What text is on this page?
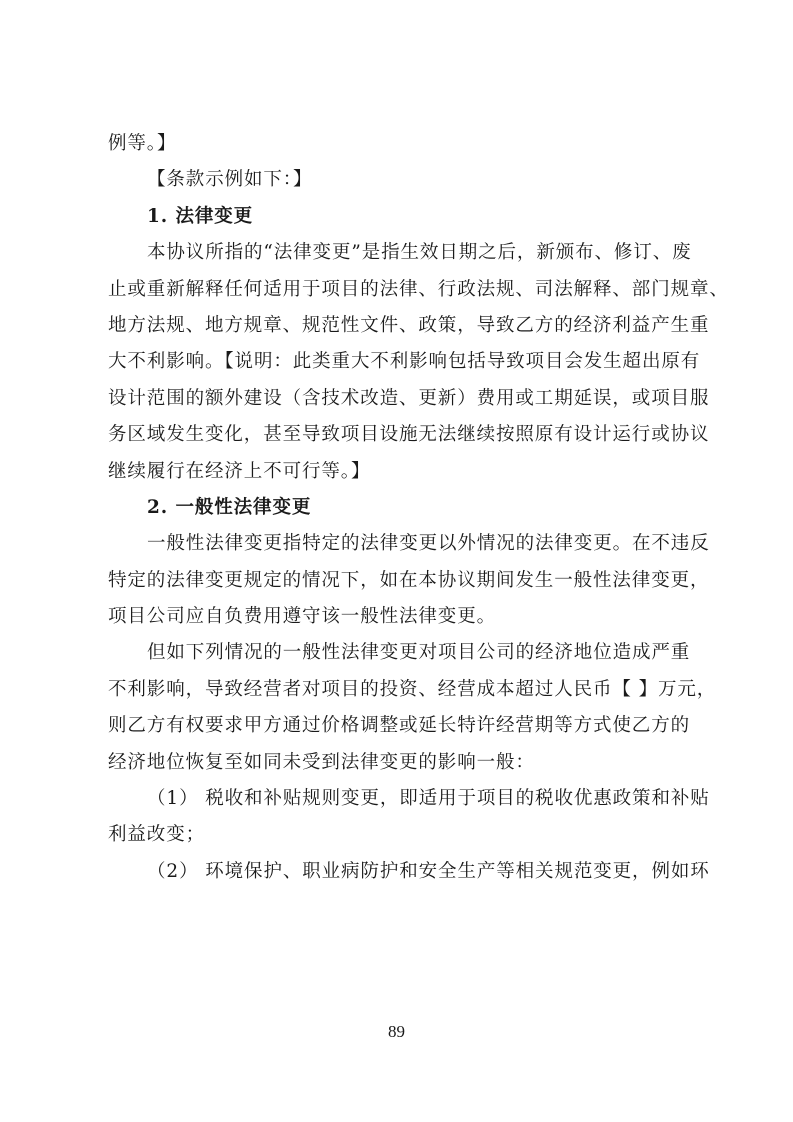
例等。】
【条款示例如下：】
1. 法律变更
本协议所指的“法律变更”是指生效日期之后，新颁布、修订、废
止或重新解释任何适用于项目的法律、行政法规、司法解释、部门规章、
地方法规、地方规章、规范性文件、政策，导致乙方的经济利益产生重
大不利影响。【说明：此类重大不利影响包括导致项目会发生超出原有
设计范围的额外建设（含技术改造、更新）费用或工期延误，或项目服
务区域发生变化，甚至导致项目设施无法继续按照原有设计运行或协议
继续履行在经济上不可行等。】
2. 一般性法律变更
一般性法律变更指特定的法律变更以外情况的法律变更。在不违反
特定的法律变更规定的情况下，如在本协议期间发生一般性法律变更，
项目公司应自负费用遵守该一般性法律变更。
但如下列情况的一般性法律变更对项目公司的经济地位造成严重
不利影响，导致经营者对项目的投资、经营成本超过人民币【 】万元，
则乙方有权要求甲方通过价格调整或延长特许经营期等方式使乙方的
经济地位恢复至如同未受到法律变更的影响一般：
（1） 税收和补贴规则变更，即适用于项目的税收优惠政策和补贴
利益改变；
（2） 环境保护、职业病防护和安全生产等相关规范变更，例如环
89
